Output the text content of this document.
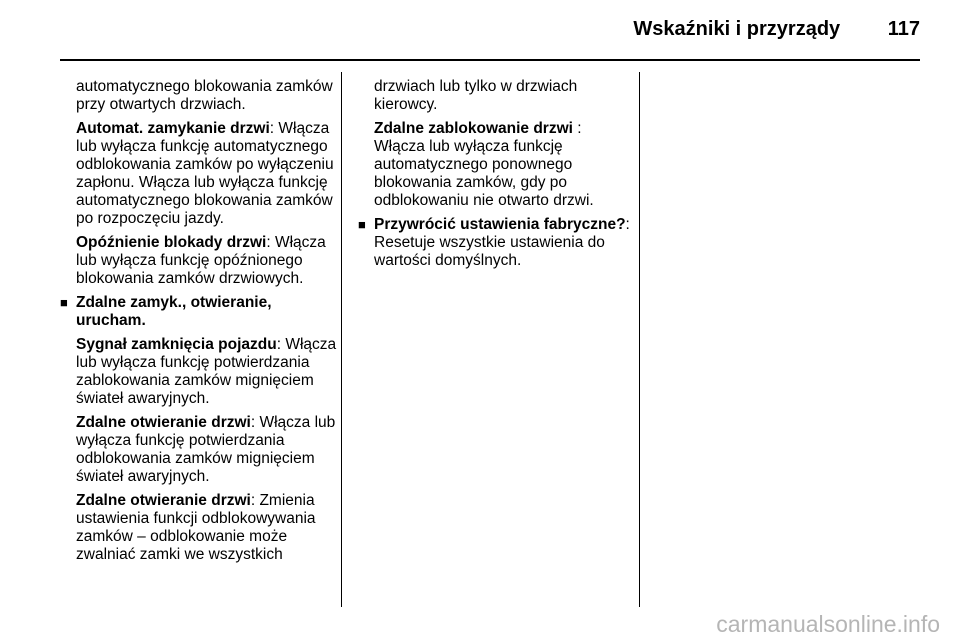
Wskaźniki i przyrządy 117

automatycznego blokowania zamków przy otwartych drzwiach.

Automat. zamykanie drzwi: Włącza lub wyłącza funkcję automatycznego odblokowania zamków po wyłączeniu zapłonu. Włącza lub wyłącza funkcję automatycznego blokowania zamków po rozpoczęciu jazdy.

Opóźnienie blokady drzwi: Włącza lub wyłącza funkcję opóźnionego blokowania zamków drzwiowych.

■ Zdalne zamyk., otwieranie, urucham.

Sygnał zamknięcia pojazdu: Włącza lub wyłącza funkcję potwierdzania zablokowania zamków mignięciem świateł awaryjnych.

Zdalne otwieranie drzwi: Włącza lub wyłącza funkcję potwierdzania odblokowania zamków mignięciem świateł awaryjnych.

Zdalne otwieranie drzwi: Zmienia ustawienia funkcji odblokowywania zamków – odblokowanie może zwalniać zamki we wszystkich

drzwiach lub tylko w drzwiach kierowcy.

Zdalne zablokowanie drzwi : Włącza lub wyłącza funkcję automatycznego ponownego blokowania zamków, gdy po odblokowaniu nie otwarto drzwi.

■ Przywrócić ustawienia fabryczne?: Resetuje wszystkie ustawienia do wartości domyślnych.
carmanualsonline.info
